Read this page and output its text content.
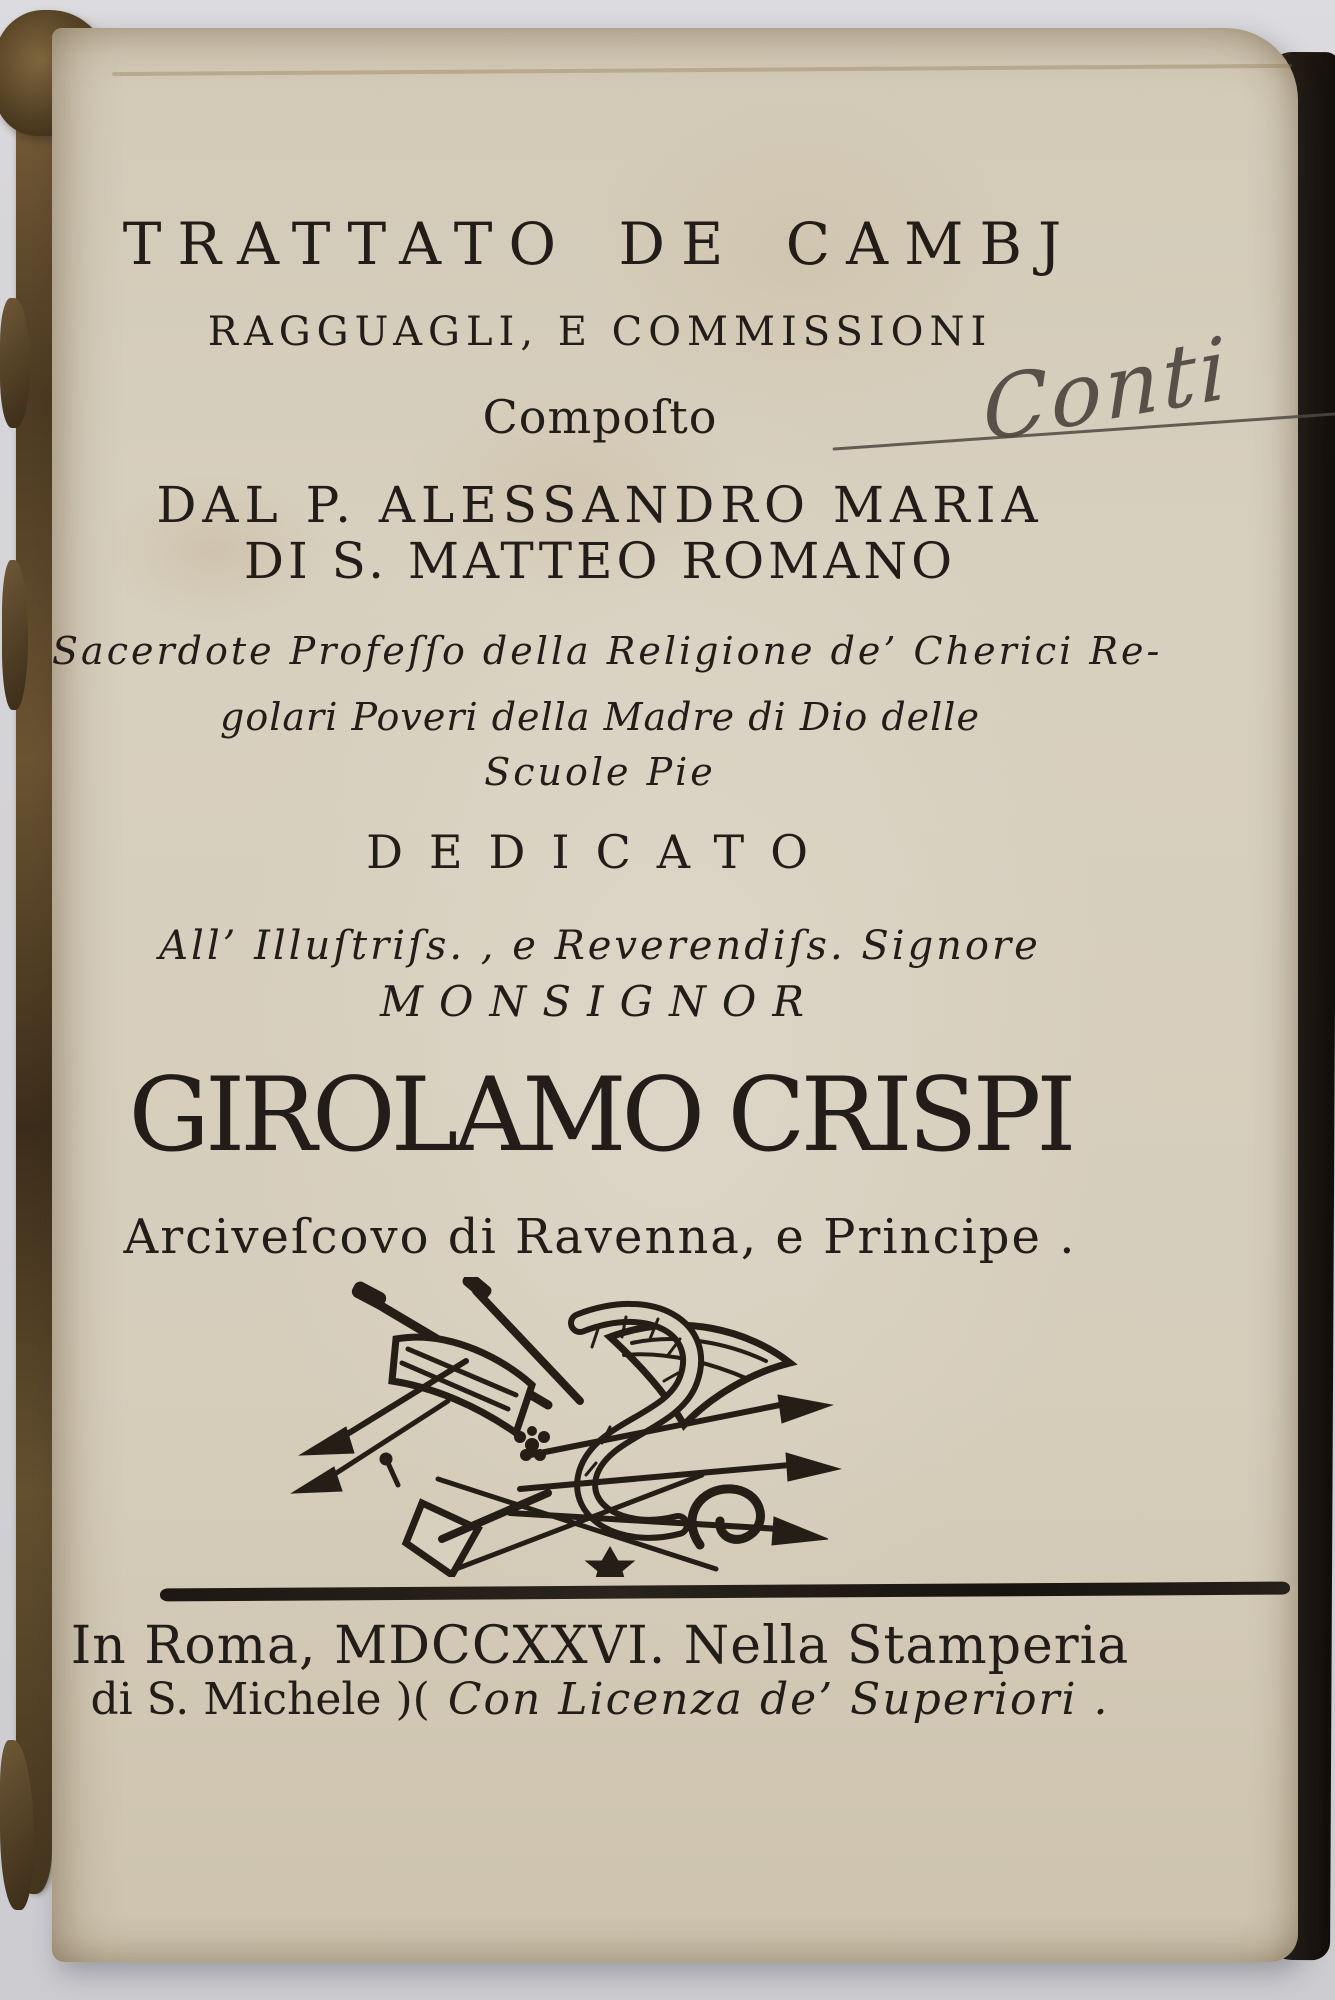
TRATTATO DE CAMBJ
RAGGUAGLI, E COMMISSIONI
Compoſto
DAL P. ALESSANDRO MARIA
DI S. MATTEO ROMANO
Sacerdote Profeſſo della Religione de’ Cherici Re-
golari Poveri della Madre di Dio delle
Scuole Pie
DEDICATO
All’ Illuſtriſs. , e Reverendiſs. Signore
MONSIGNOR
GIROLAMO CRISPI
Arciveſcovo di Ravenna, e Principe .
In Roma, MDCCXXVI. Nella Stamperia
di S. Michele )( Con Licenza de’ Superiori .
Conti
